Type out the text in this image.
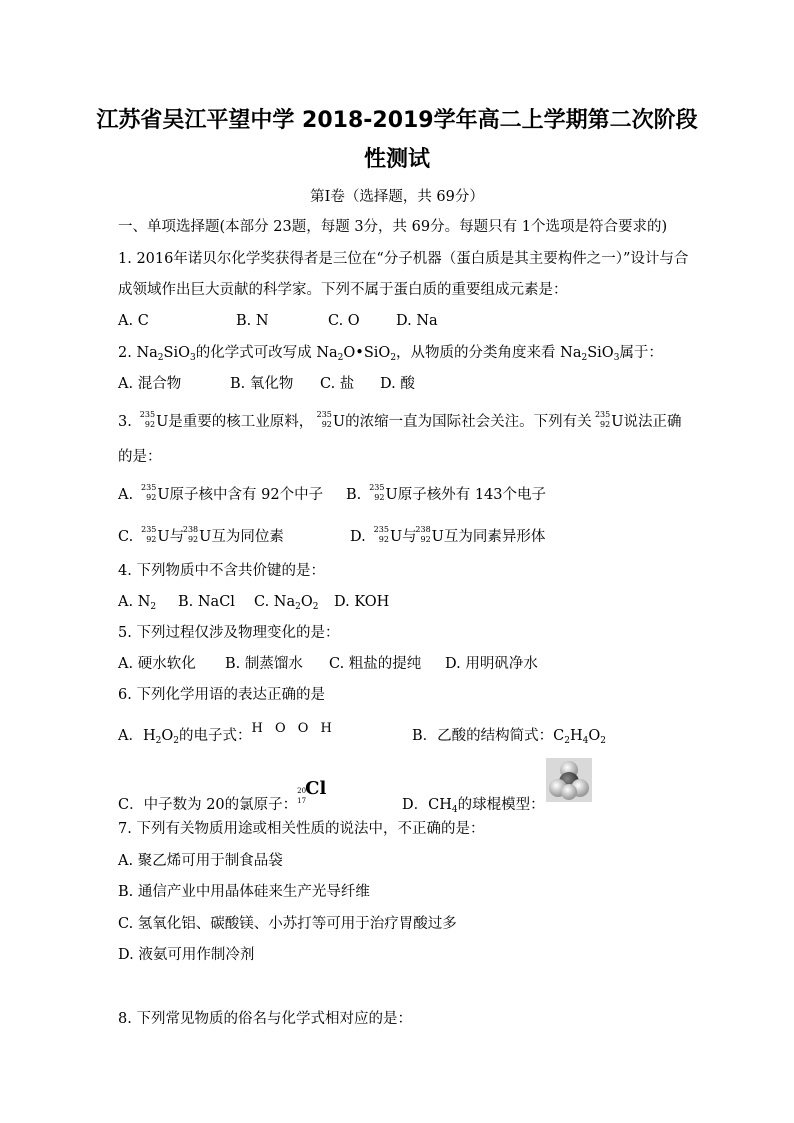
江苏省吴江平望中学 2018-2019学年高二上学期第二次阶段
性测试
第I卷（选择题，共 69分）
一、单项选择题(本部分 23题，每题 3分，共 69分。每题只有 1个选项是符合要求的)
1. 2016年诺贝尔化学奖获得者是三位在“分子机器（蛋白质是其主要构件之一）”设计与合
成领域作出巨大贡献的科学家。下列不属于蛋白质的重要组成元素是：
A. C	B. N	C. O	D. Na
2. $Na_2SiO_3$的化学式可改写成 $Na_2O•SiO_2$，从物质的分类角度来看 $Na_2SiO_3$属于：
A. 混合物	B. 氧化物 C. 盐 D. 酸
3. 235
92 U是重要的核工业原料， 235
92 U的浓缩一直为国际社会关注。下列有关 235
92 U说法正确
的是：
A. 235
92 U原子核中含有 92个中子 B. 235
92 U原子核外有 143个电子
C. 235
92 U与
238
92 U互为同位素	D. 235
92 U与
238
92 U互为同素异形体
4. 下列物质中不含共价键的是：
A. $N_2$ B. NaCl C. $Na_2O_2$ D. KOH
5. 下列过程仅涉及物理变化的是：
A. 硬水软化 B. 制蒸馏水 C. 粗盐的提纯 D. 用明矾净水
6. 下列化学用语的表达正确的是
A．$H_2O_2$的电子式：H O O H	B．乙酸的结构简式：$C_2H_4O_2$
C．中子数为 20的氯原子：
20
17
Cl
D．$CH_4$的球棍模型：
7. 下列有关物质用途或相关性质的说法中，不正确的是：
A. 聚乙烯可用于制食品袋
B. 通信产业中用晶体硅来生产光导纤维
C. 氢氧化铝、碳酸镁、小苏打等可用于治疗胃酸过多
D. 液氨可用作制冷剂
8. 下列常见物质的俗名与化学式相对应的是：
